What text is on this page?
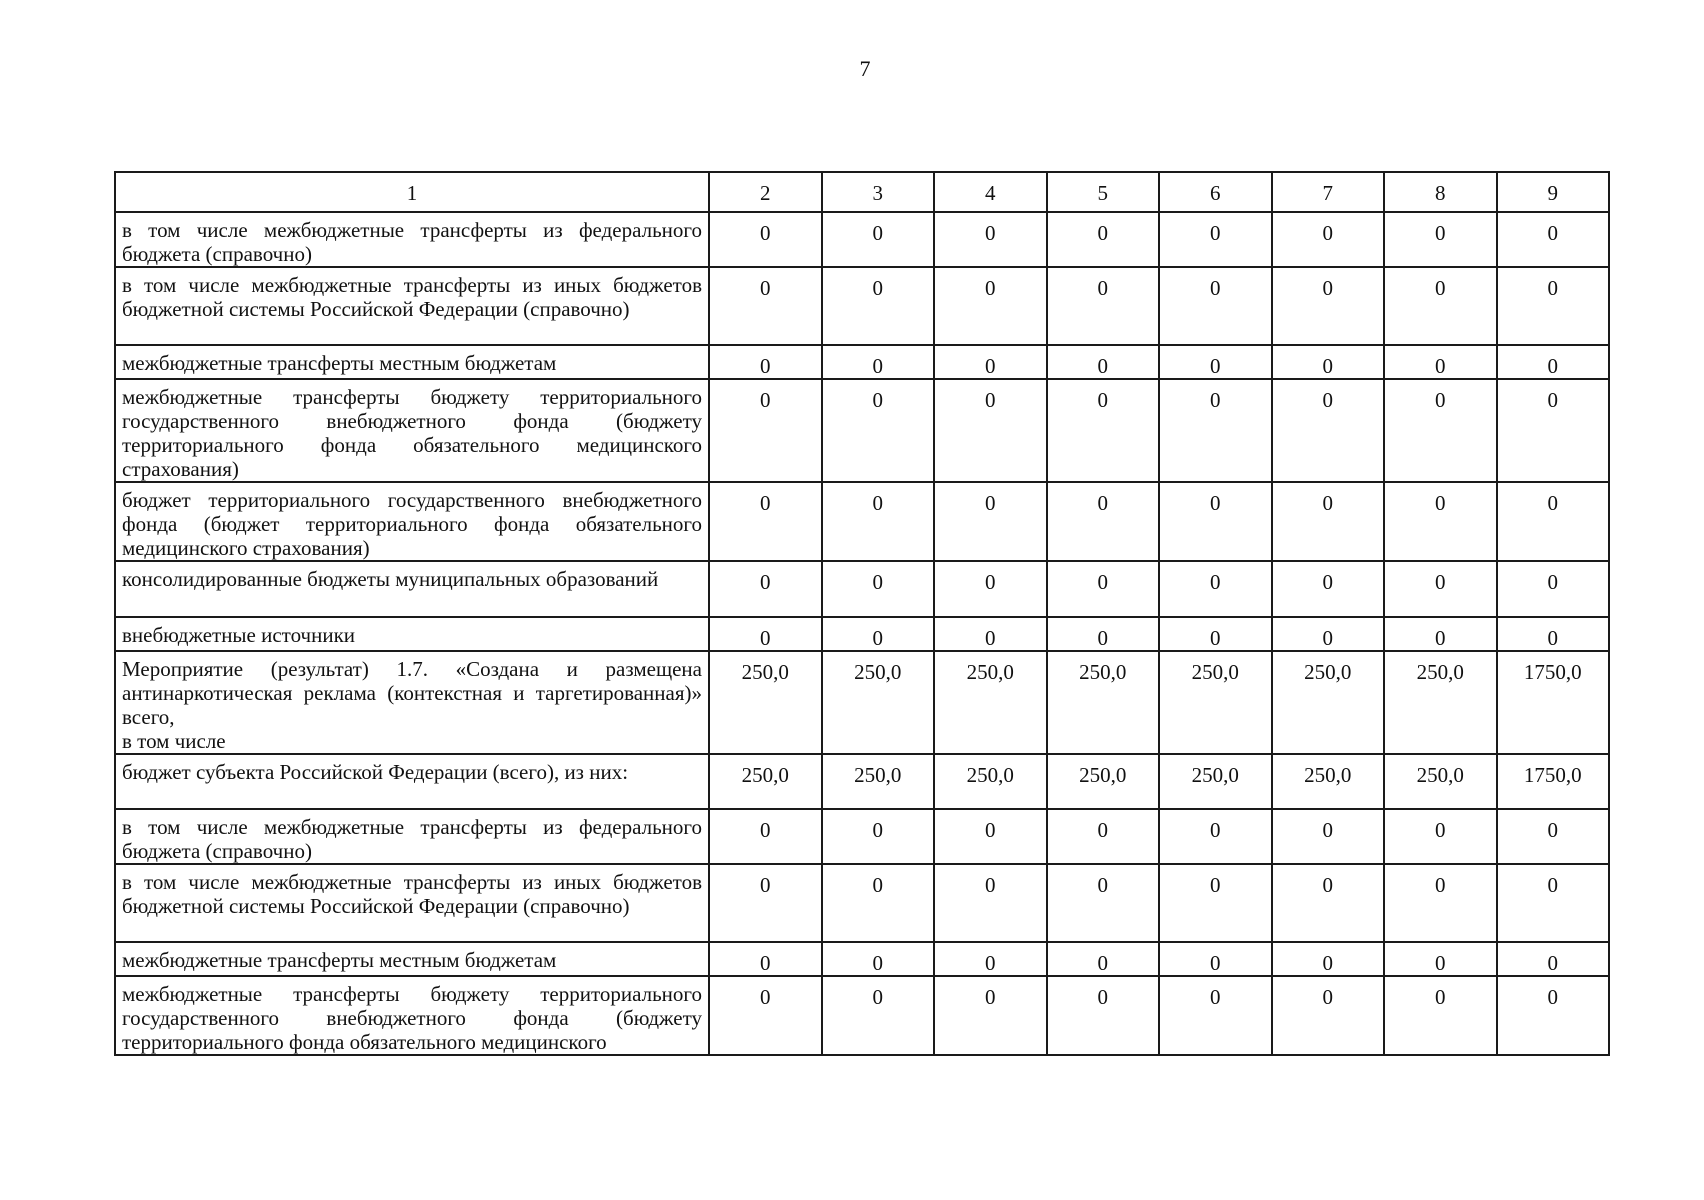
7
1	2	3	4	5	6	7	8	9
в том числе межбюджетные трансферты из федерального бюджета (справочно)	0	0	0	0	0	0	0	0
в том числе межбюджетные трансферты из иных бюджетов бюджетной системы Российской Федерации (справочно)	0	0	0	0	0	0	0	0
межбюджетные трансферты местным бюджетам	0	0	0	0	0	0	0	0
межбюджетные трансферты бюджету территориального государственного внебюджетного фонда (бюджету территориального фонда обязательного медицинского страхования)	0	0	0	0	0	0	0	0
бюджет территориального государственного внебюджетного фонда (бюджет территориального фонда обязательного медицинского страхования)	0	0	0	0	0	0	0	0
консолидированные бюджеты муниципальных образований	0	0	0	0	0	0	0	0
внебюджетные источники	0	0	0	0	0	0	0	0
Мероприятие (результат) 1.7. «Создана и размещена антинаркотическая реклама (контекстная и таргетированная)» всего,
в том числе	250,0	250,0	250,0	250,0	250,0	250,0	250,0	1750,0
бюджет субъекта Российской Федерации (всего), из них:	250,0	250,0	250,0	250,0	250,0	250,0	250,0	1750,0
в том числе межбюджетные трансферты из федерального бюджета (справочно)	0	0	0	0	0	0	0	0
в том числе межбюджетные трансферты из иных бюджетов бюджетной системы Российской Федерации (справочно)	0	0	0	0	0	0	0	0
межбюджетные трансферты местным бюджетам	0	0	0	0	0	0	0	0
межбюджетные трансферты бюджету территориального государственного внебюджетного фонда (бюджету территориального фонда обязательного медицинского	0	0	0	0	0	0	0	0
